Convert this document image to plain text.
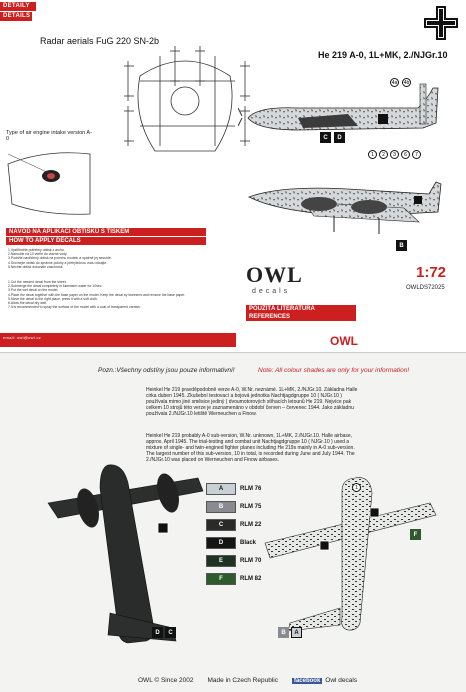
DETAILY
DETAILS
Radar aerials FuG 220 SN-2b
Type of air engine intake version A-0
He 219 A-0, 1L+MK, 2./NJGr.10
4a	4b
1	2	3	6	7
C	D
B
NÁVOD NA APLIKACI OBTISKŮ S TISKEM
HOW TO APPLY DECALS
1.Vystřihněte potřebný obtisk z archu.
2.Namočte na 10 vteřin do vlažné vody.
3.Podržte navlhčený obtisk na povrchu modelu a opatrně jej sesuňte.
4.Srovnejte obtisk do správné polohy a přebytečnou vodu odsajte.
5.Nechte obtisk dokonale zaschnout.
1.Cut the needed decal from the sheet.
2.Submerge the decal completely in lukewarm water for 10sec.
3.Put the wet decal on the model.
4.Place the decal together with the base paper on the model. Keep the decal by tweezers and remove the base paper.
5.Move the decal to the right place, press it with a soft cloth.
6.Allow the decal dry well.
7.It is recommended to spray the surface of the model with a coat of transparent varnish.
OWL
decals
1:72
OWLDS72025
POUŽITÁ LITERATURA
REFERENCES
email: owl@owl.cz	OWL
Pozn.:Všechny odstíny jsou pouze informativní!	Note: All colour shades are only for your information!
Heinkel He 219 pravděpodobně verze A-0, W.Nr. neznámé. 1L+MK, 2./NJGr.10. Základna Halle cirka duben 1945. Zkušební testovací a bojová jednotka Nachtjagdgruppe 10 ( NJGr.10 ) používala mimo jiné směsice jediný ( dvoumotorových stíhacích letounů He 219. Nejvíce pak celkem 10 strojů této verze je zaznamenáno v období červen – červenec 1944. Jako základnu používala 2./NJGr.10 letiště Werneuchen a Finow.
Heinkel He 219 probably A-0 sub-version, W.Nr. unknown, 1L+MK, 2./NJGr.10. Halle airbase, approx. April 1945. The trial-testing and combat unit Nachtjagdgruppe 10 ( NJGr.10 ) used a mixture of single- and twin-engined fighter planes including He 219s mainly in A-0 sub-version. The largest number of this sub-version, 10 in total, is recorded during June and July 1944. The 2./NJGr.10 was placed on Werneuchen and Finow airbases.
A	RLM 76
B	RLM 75
C	RLM 22
D	Black
E	RLM 70
F	RLM 82
D	C	B	A
F
1
OWL © Since 2002 Made in Czech Republic	facebook Owl decals
